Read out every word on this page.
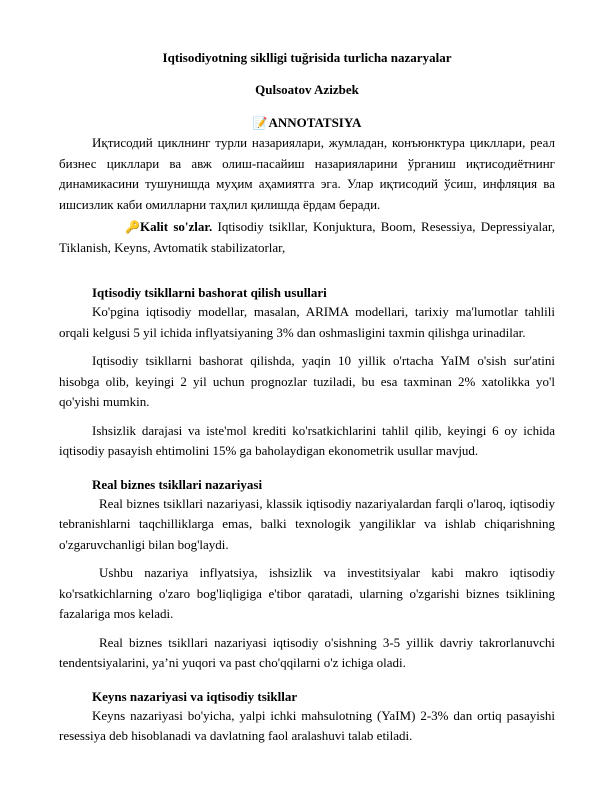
Iqtisodiyotning siklligi tuğrisida turlicha nazaryalar
Qulsoatov Azizbek
📝ANNOTATSIYA

Иқтисодий циклнинг турли назариялари, жумладан, конъюнктура цикллари, реал бизнес цикллари ва авж олиш-пасайиш назарияларини ўрганиш иқтисодиётнинг динамикасини тушунишда муҳим аҳамиятга эга. Улар иқтисодий ўсиш, инфляция ва ишсизлик каби омилларни таҳлил қилишда ёрдам беради.

🔑Kalit so'zlar. Iqtisodiy tsikllar, Konjuktura, Boom, Resessiya, Depressiyalar, Tiklanish, Keyns, Avtomatik stabilizatorlar,

Iqtisodiy tsikllarni bashorat qilish usullari

Ko'pgina iqtisodiy modellar, masalan, ARIMA modellari, tarixiy ma'lumotlar tahlili orqali kelgusi 5 yil ichida inflyatsiyaning 3% dan oshmasligini taxmin qilishga urinadilar.

Iqtisodiy tsikllarni bashorat qilishda, yaqin 10 yillik o'rtacha YaIM o'sish sur'atini hisobga olib, keyingi 2 yil uchun prognozlar tuziladi, bu esa taxminan 2% xatolikka yo'l qo'yishi mumkin.

Ishsizlik darajasi va iste'mol krediti ko'rsatkichlarini tahlil qilib, keyingi 6 oy ichida iqtisodiy pasayish ehtimolini 15% ga baholaydigan ekonometrik usullar mavjud.

Real biznes tsikllari nazariyasi

Real biznes tsikllari nazariyasi, klassik iqtisodiy nazariyalardan farqli o'laroq, iqtisodiy tebranishlarni taqchilliklarga emas, balki texnologik yangiliklar va ishlab chiqarishning o'zgaruvchanligi bilan bog'laydi.

Ushbu nazariya inflyatsiya, ishsizlik va investitsiyalar kabi makro iqtisodiy ko'rsatkichlarning o'zaro bog'liqligiga e'tibor qaratadi, ularning o'zgarishi biznes tsiklining fazalariga mos keladi.

Real biznes tsikllari nazariyasi iqtisodiy o'sishning 3-5 yillik davriy takrorlanuvchi tendentsiyalarini, ya’ni yuqori va past cho'qqilarni o'z ichiga oladi.

Keyns nazariyasi va iqtisodiy tsikllar

Keyns nazariyasi bo'yicha, yalpi ichki mahsulotning (YaIM) 2-3% dan ortiq pasayishi resessiya deb hisoblanadi va davlatning faol aralashuvi talab etiladi.
